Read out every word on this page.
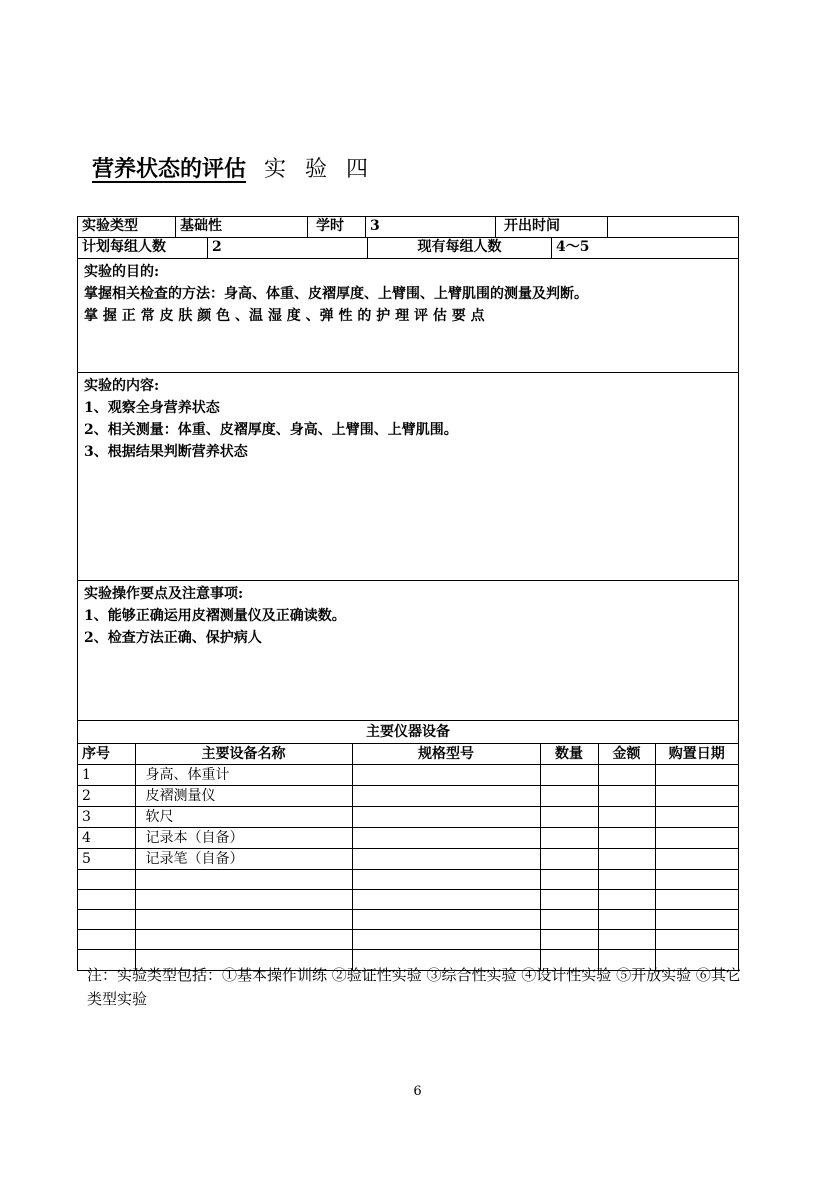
营养状态的评估 实 验 四
实验类型	基础性	学时	3	开出时间
计划每组人数	2	现有每组人数	4～5
实验的目的:
掌握相关检查的方法：身高、体重、皮褶厚度、上臂围、上臂肌围的测量及判断。
掌 握 正 常 皮 肤 颜 色 、温 湿 度 、弹 性 的 护 理 评 估 要 点
实验的内容:
1、观察全身营养状态
2、相关测量：体重、皮褶厚度、身高、上臂围、上臂肌围。
3、根据结果判断营养状态
实验操作要点及注意事项:
1、能够正确运用皮褶测量仪及正确读数。
2、检查方法正确、保护病人
主要仪器设备
序号	主要设备名称	规格型号	数量	金额	购置日期
1	身高、体重计				
2	皮褶测量仪				
3	软尺				
4	记录本（自备）				
5	记录笔（自备）				

注：实验类型包括：①基本操作训练 ②验证性实验 ③综合性实验 ④设计性实验 ⑤开放实验 ⑥其它类型实验
6
